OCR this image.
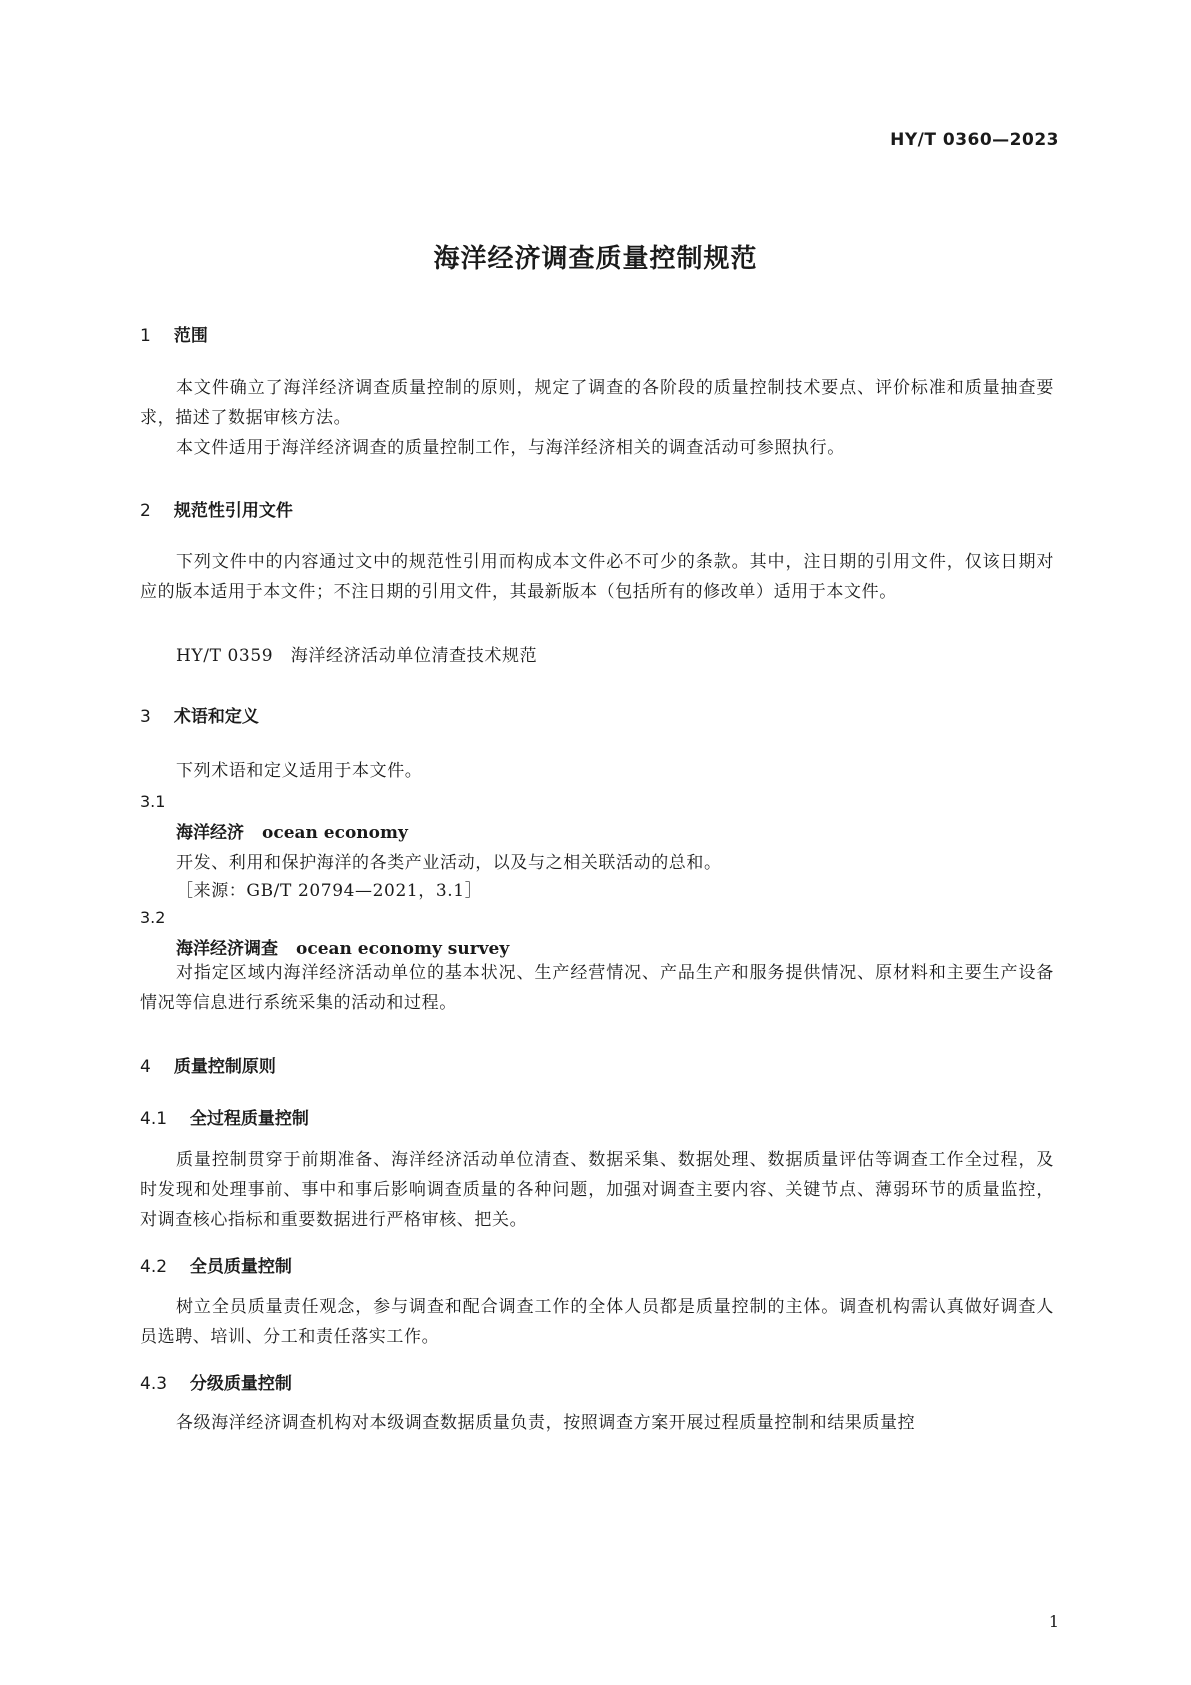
HY/T 0360—2023
海洋经济调查质量控制规范
1 范围
本文件确立了海洋经济调查质量控制的原则，规定了调查的各阶段的质量控制技术要点、评价标准和质量抽查要求，描述了数据审核方法。
本文件适用于海洋经济调查的质量控制工作，与海洋经济相关的调查活动可参照执行。
2 规范性引用文件
下列文件中的内容通过文中的规范性引用而构成本文件必不可少的条款。其中，注日期的引用文件，仅该日期对应的版本适用于本文件；不注日期的引用文件，其最新版本（包括所有的修改单）适用于本文件。
HY/T 0359　海洋经济活动单位清查技术规范
3 术语和定义
下列术语和定义适用于本文件。
3.1
海洋经济 ocean economy
开发、利用和保护海洋的各类产业活动，以及与之相关联活动的总和。
［来源：GB/T 20794—2021，3.1］
3.2
海洋经济调查 ocean economy survey
对指定区域内海洋经济活动单位的基本状况、生产经营情况、产品生产和服务提供情况、原材料和主要生产设备情况等信息进行系统采集的活动和过程。
4 质量控制原则
4.1 全过程质量控制
质量控制贯穿于前期准备、海洋经济活动单位清查、数据采集、数据处理、数据质量评估等调查工作全过程，及时发现和处理事前、事中和事后影响调查质量的各种问题，加强对调查主要内容、关键节点、薄弱环节的质量监控，对调查核心指标和重要数据进行严格审核、把关。
4.2 全员质量控制
树立全员质量责任观念，参与调查和配合调查工作的全体人员都是质量控制的主体。调查机构需认真做好调查人员选聘、培训、分工和责任落实工作。
4.3 分级质量控制
各级海洋经济调查机构对本级调查数据质量负责，按照调查方案开展过程质量控制和结果质量控
1
